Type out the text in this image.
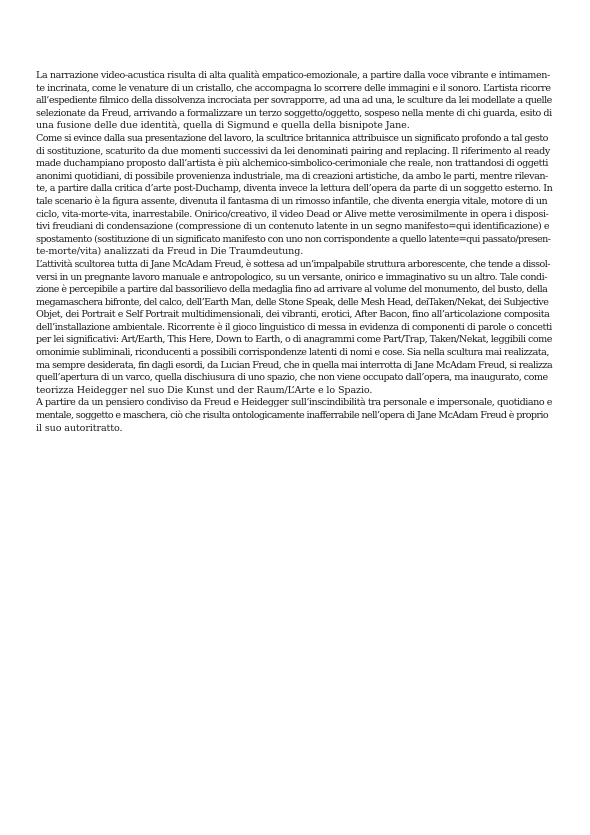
La narrazione video-acustica risulta di alta qualità empatico-emozionale, a partire dalla voce vibrante e intimamen-
te incrinata, come le venature di un cristallo, che accompagna lo scorrere delle immagini e il sonoro. L’artista ricorre
all’espediente filmico della dissolvenza incrociata per sovrapporre, ad una ad una, le sculture da lei modellate a quelle
selezionate da Freud, arrivando a formalizzare un terzo soggetto/oggetto, sospeso nella mente di chi guarda, esito di
una fusione delle due identità, quella di Sigmund e quella della bisnipote Jane.
Come si evince dalla sua presentazione del lavoro, la scultrice britannica attribuisce un significato profondo a tal gesto
di sostituzione, scaturito da due momenti successivi da lei denominati pairing and replacing. Il riferimento al ready
made duchampiano proposto dall’artista è più alchemico-simbolico-cerimoniale che reale, non trattandosi di oggetti
anonimi quotidiani, di possibile provenienza industriale, ma di creazioni artistiche, da ambo le parti, mentre rilevan-
te, a partire dalla critica d’arte post-Duchamp, diventa invece la lettura dell’opera da parte di un soggetto esterno. In
tale scenario è la figura assente, divenuta il fantasma di un rimosso infantile, che diventa energia vitale, motore di un
ciclo, vita-morte-vita, inarrestabile. Onirico/creativo, il video Dead or Alive mette verosimilmente in opera i disposi-
tivi freudiani di condensazione (compressione di un contenuto latente in un segno manifesto=qui identificazione) e
spostamento (sostituzione di un significato manifesto con uno non corrispondente a quello latente=qui passato/presen-
te-morte/vita) analizzati da Freud in Die Traumdeutung.
L’attività scultorea tutta di Jane McAdam Freud, è sottesa ad un’impalpabile struttura arborescente, che tende a dissol-
versi in un pregnante lavoro manuale e antropologico, su un versante, onirico e immaginativo su un altro. Tale condi-
zione è percepibile a partire dal bassorilievo della medaglia fino ad arrivare al volume del monumento, del busto, della
megamaschera bifronte, del calco, dell’Earth Man, delle Stone Speak, delle Mesh Head, deiTaken/Nekat, dei Subjective
Objet, dei Portrait e Self Portrait multidimensionali, dei vibranti, erotici, After Bacon, fino all’articolazione composita
dell’installazione ambientale. Ricorrente è il gioco linguistico di messa in evidenza di componenti di parole o concetti
per lei significativi: Art/Earth, This Here, Down to Earth, o di anagrammi come Part/Trap, Taken/Nekat, leggibili come
omonimie subliminali, riconducenti a possibili corrispondenze latenti di nomi e cose. Sia nella scultura mai realizzata,
ma sempre desiderata, fin dagli esordi, da Lucian Freud, che in quella mai interrotta di Jane McAdam Freud, si realizza
quell’apertura di un varco, quella dischiusura di uno spazio, che non viene occupato dall’opera, ma inaugurato, come
teorizza Heidegger nel suo Die Kunst und der Raum/L’Arte e lo Spazio.
A partire da un pensiero condiviso da Freud e Heidegger sull’inscindibilità tra personale e impersonale, quotidiano e
mentale, soggetto e maschera, ciò che risulta ontologicamente inafferrabile nell’opera di Jane McAdam Freud è proprio
il suo autoritratto.
